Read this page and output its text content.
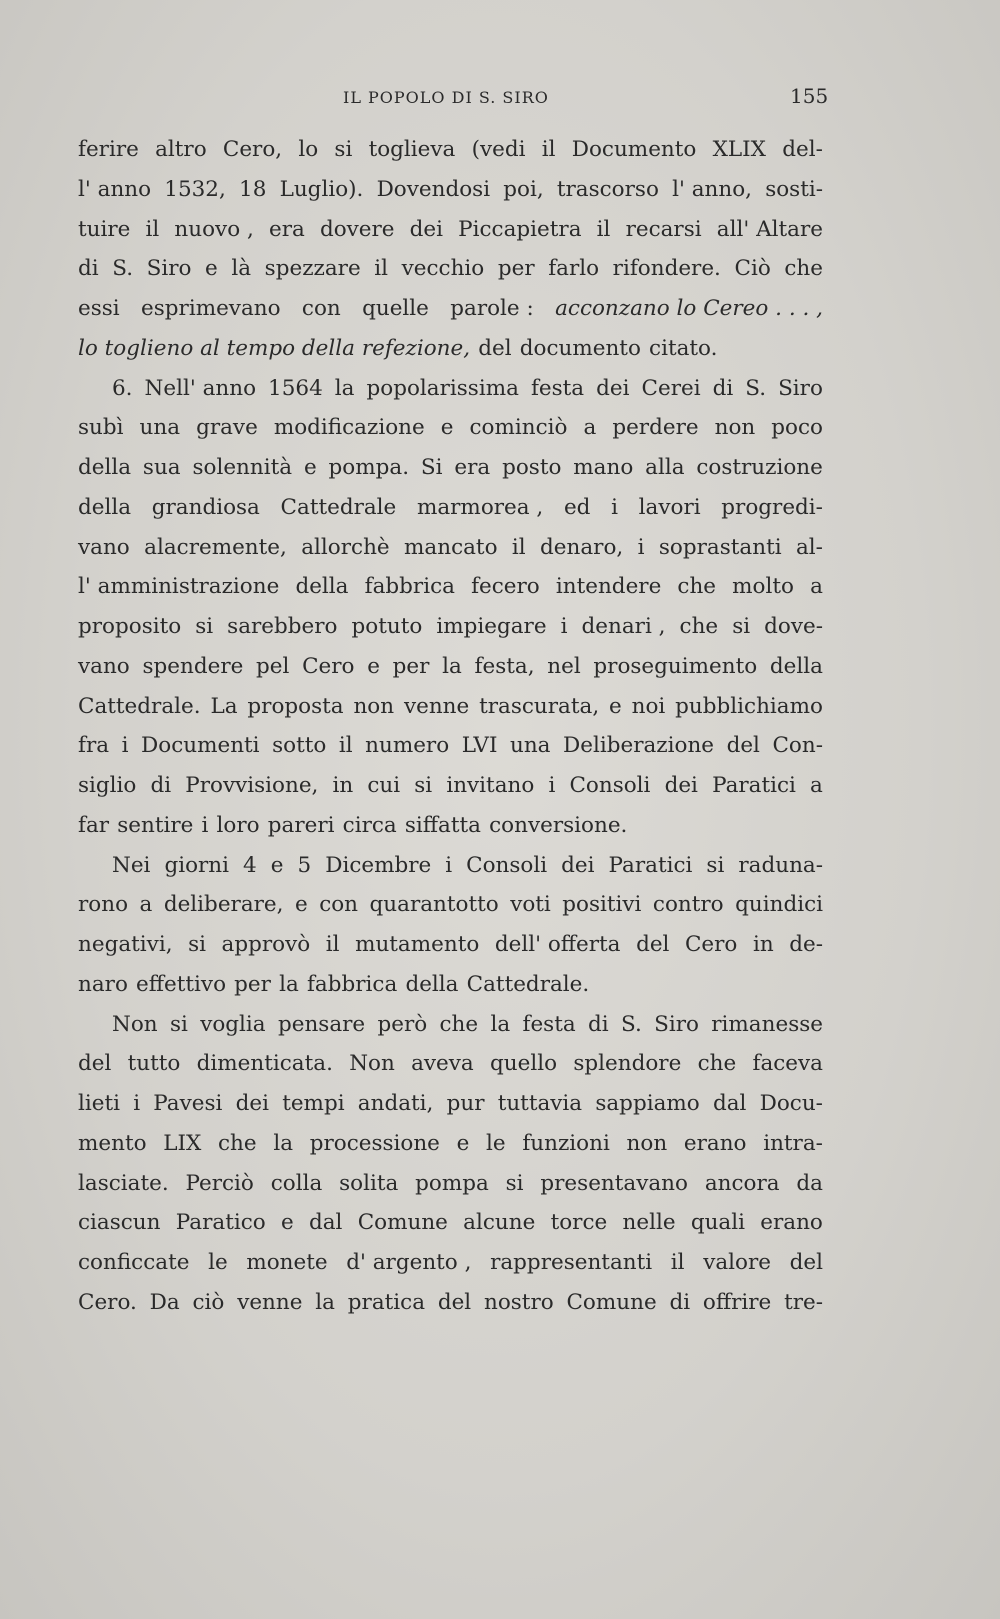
IL POPOLO DI S. SIRO	155
ferire altro Cero, lo si toglieva (vedi il Documento XLIX del-
l' anno 1532, 18 Luglio). Dovendosi poi, trascorso l' anno, sosti-
tuire il nuovo , era dovere dei Piccapietra il recarsi all' Altare
di S. Siro e là spezzare il vecchio per farlo rifondere. Ciò che
essi esprimevano con quelle parole : acconzano lo Cereo . . . ,
lo toglieno al tempo della refezione, del documento citato.
6. Nell' anno 1564 la popolarissima festa dei Cerei di S. Siro
subì una grave modificazione e cominciò a perdere non poco
della sua solennità e pompa. Si era posto mano alla costruzione
della grandiosa Cattedrale marmorea , ed i lavori progredi-
vano alacremente, allorchè mancato il denaro, i soprastanti al-
l' amministrazione della fabbrica fecero intendere che molto a
proposito si sarebbero potuto impiegare i denari , che si dove-
vano spendere pel Cero e per la festa, nel proseguimento della
Cattedrale. La proposta non venne trascurata, e noi pubblichiamo
fra i Documenti sotto il numero LVI una Deliberazione del Con-
siglio di Provvisione, in cui si invitano i Consoli dei Paratici a
far sentire i loro pareri circa siffatta conversione.
Nei giorni 4 e 5 Dicembre i Consoli dei Paratici si raduna-
rono a deliberare, e con quarantotto voti positivi contro quindici
negativi, si approvò il mutamento dell' offerta del Cero in de-
naro effettivo per la fabbrica della Cattedrale.
Non si voglia pensare però che la festa di S. Siro rimanesse
del tutto dimenticata. Non aveva quello splendore che faceva
lieti i Pavesi dei tempi andati, pur tuttavia sappiamo dal Docu-
mento LIX che la processione e le funzioni non erano intra-
lasciate. Perciò colla solita pompa si presentavano ancora da
ciascun Paratico e dal Comune alcune torce nelle quali erano
conficcate le monete d' argento , rappresentanti il valore del
Cero. Da ciò venne la pratica del nostro Comune di offrire tre-
